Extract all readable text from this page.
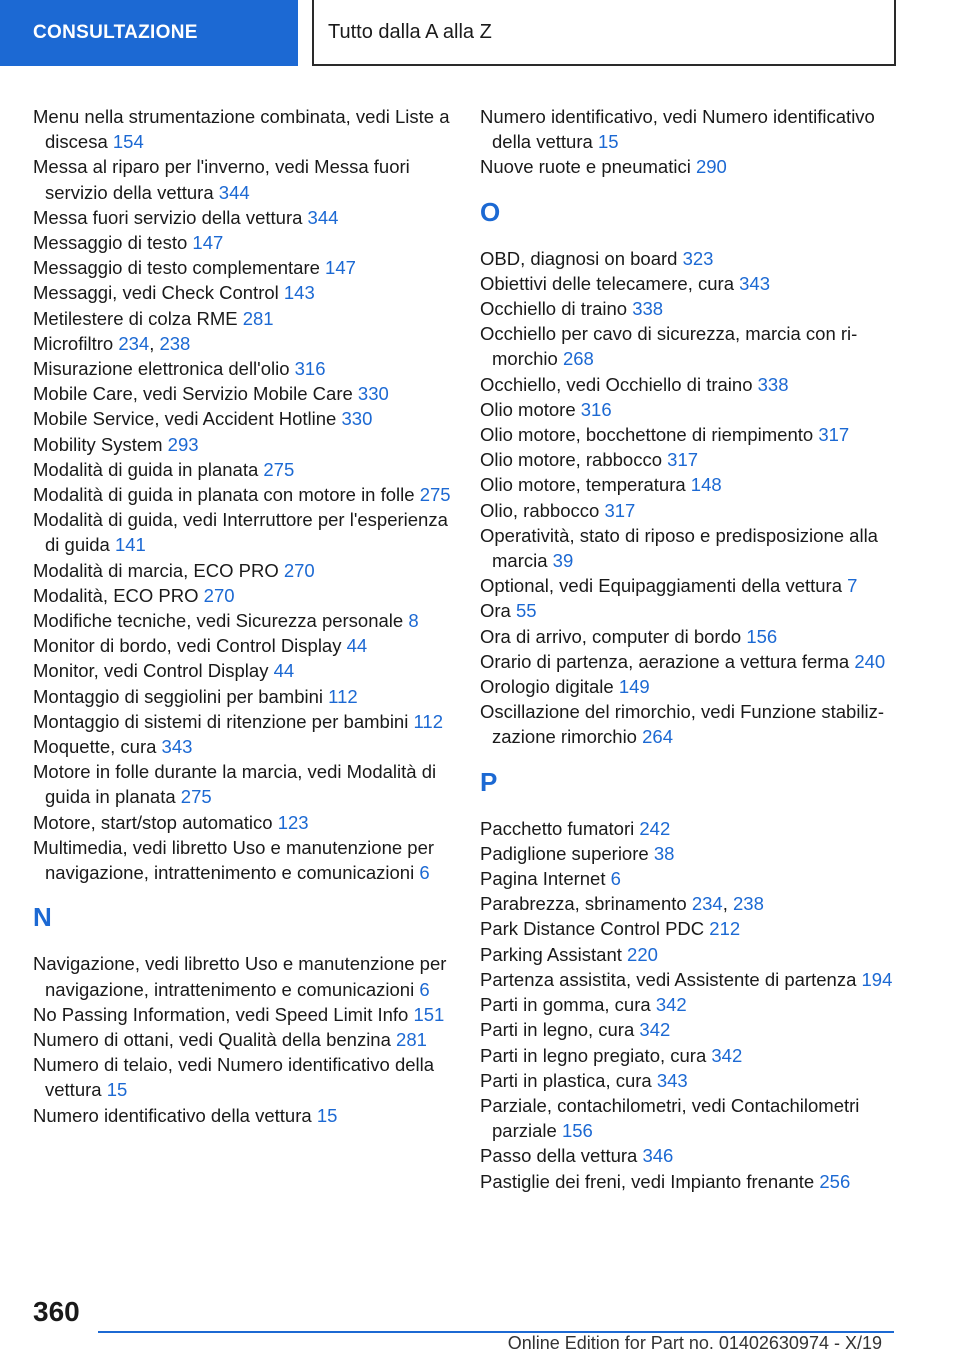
CONSULTAZIONE	Tutto dalla A alla Z
Menu nella strumentazione combinata, vedi Liste a discesa 154
Messa al riparo per l'inverno, vedi Messa fuori servizio della vettura 344
Messa fuori servizio della vettura 344
Messaggio di testo 147
Messaggio di testo complementare 147
Messaggi, vedi Check Control 143
Metilestere di colza RME 281
Microfiltro 234, 238
Misurazione elettronica dell'olio 316
Mobile Care, vedi Servizio Mobile Care 330
Mobile Service, vedi Accident Hotline 330
Mobility System 293
Modalità di guida in planata 275
Modalità di guida in planata con motore in folle 275
Modalità di guida, vedi Interruttore per l'esperienza di guida 141
Modalità di marcia, ECO PRO 270
Modalità, ECO PRO 270
Modifiche tecniche, vedi Sicurezza personale 8
Monitor di bordo, vedi Control Display 44
Monitor, vedi Control Display 44
Montaggio di seggiolini per bambini 112
Montaggio di sistemi di ritenzione per bambini 112
Moquette, cura 343
Motore in folle durante la marcia, vedi Modalità di guida in planata 275
Motore, start/stop automatico 123
Multimedia, vedi libretto Uso e manutenzione per navigazione, intrattenimento e comunicazioni 6
N
Navigazione, vedi libretto Uso e manutenzione per navigazione, intrattenimento e comunicazioni 6
No Passing Information, vedi Speed Limit Info 151
Numero di ottani, vedi Qualità della benzina 281
Numero di telaio, vedi Numero identificativo della vettura 15
Numero identificativo della vettura 15
Numero identificativo, vedi Numero identificativo della vettura 15
Nuove ruote e pneumatici 290
O
OBD, diagnosi on board 323
Obiettivi delle telecamere, cura 343
Occhiello di traino 338
Occhiello per cavo di sicurezza, marcia con rimorchio 268
Occhiello, vedi Occhiello di traino 338
Olio motore 316
Olio motore, bocchettone di riempimento 317
Olio motore, rabbocco 317
Olio motore, temperatura 148
Olio, rabbocco 317
Operatività, stato di riposo e predisposizione alla marcia 39
Optional, vedi Equipaggiamenti della vettura 7
Ora 55
Ora di arrivo, computer di bordo 156
Orario di partenza, aerazione a vettura ferma 240
Orologio digitale 149
Oscillazione del rimorchio, vedi Funzione stabilizzazione rimorchio 264
P
Pacchetto fumatori 242
Padiglione superiore 38
Pagina Internet 6
Parabrezza, sbrinamento 234, 238
Park Distance Control PDC 212
Parking Assistant 220
Partenza assistita, vedi Assistente di partenza 194
Parti in gomma, cura 342
Parti in legno, cura 342
Parti in legno pregiato, cura 342
Parti in plastica, cura 343
Parziale, contachilometri, vedi Contachilometri parziale 156
Passo della vettura 346
Pastiglie dei freni, vedi Impianto frenante 256
360
Online Edition for Part no. 01402630974 - X/19
